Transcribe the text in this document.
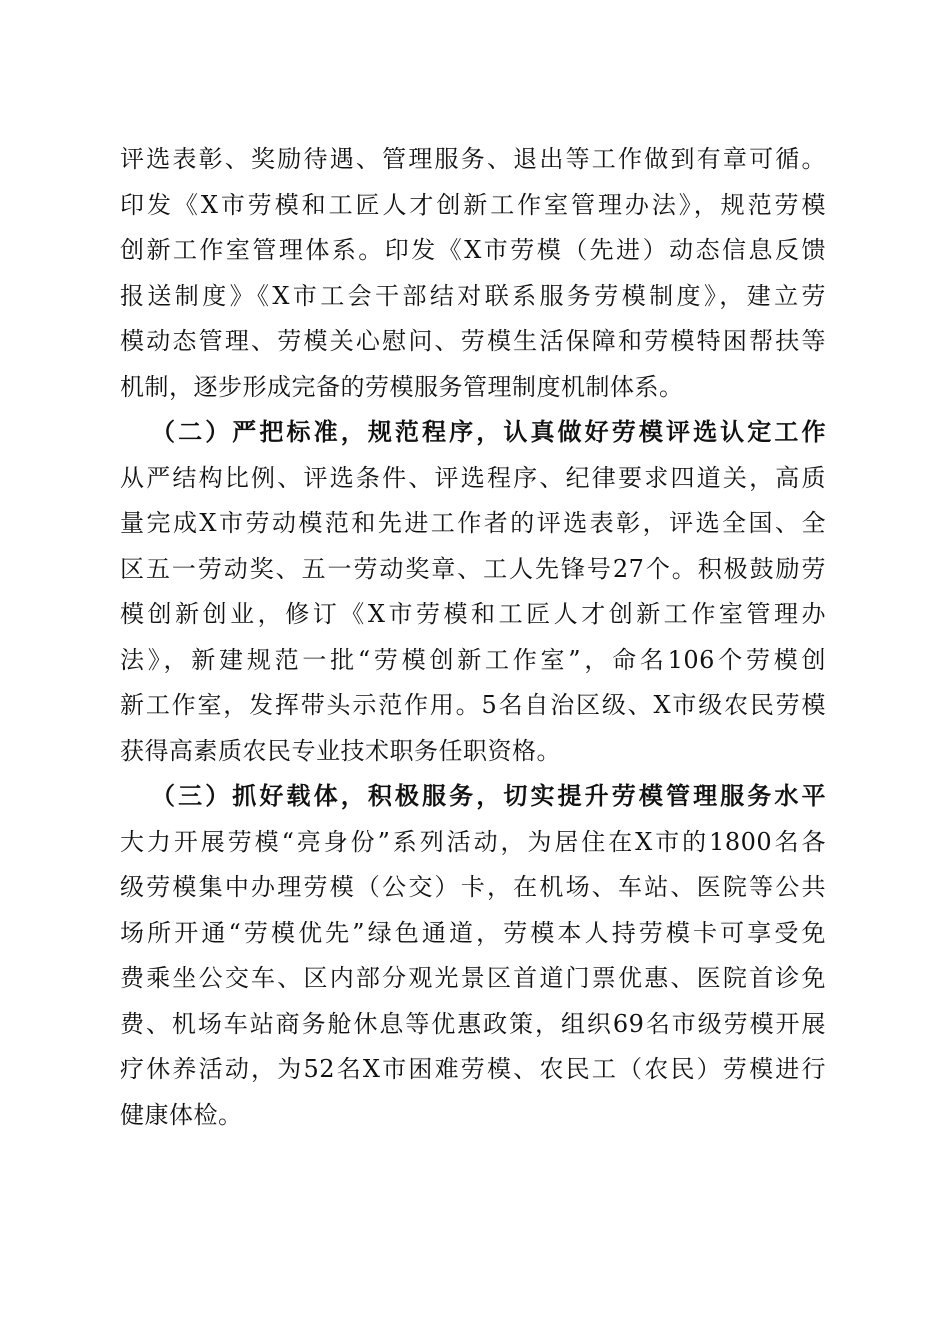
评选表彰、奖励待遇、管理服务、退出等工作做到有章可循。
印发《X市劳模和工匠人才创新工作室管理办法》，规范劳模
创新工作室管理体系。印发《X市劳模（先进）动态信息反馈
报送制度》《X市工会干部结对联系服务劳模制度》，建立劳
模动态管理、劳模关心慰问、劳模生活保障和劳模特困帮扶等
机制，逐步形成完备的劳模服务管理制度机制体系。
（二）严把标准，规范程序，认真做好劳模评选认定工作
从严结构比例、评选条件、评选程序、纪律要求四道关，高质
量完成X市劳动模范和先进工作者的评选表彰，评选全国、全
区五一劳动奖、五一劳动奖章、工人先锋号27个。积极鼓励劳
模创新创业，修订《X市劳模和工匠人才创新工作室管理办
法》，新建规范一批“劳模创新工作室”，命名106个劳模创
新工作室，发挥带头示范作用。5名自治区级、X市级农民劳模
获得高素质农民专业技术职务任职资格。
（三）抓好载体，积极服务，切实提升劳模管理服务水平
大力开展劳模“亮身份”系列活动，为居住在X市的1800名各
级劳模集中办理劳模（公交）卡，在机场、车站、医院等公共
场所开通“劳模优先”绿色通道，劳模本人持劳模卡可享受免
费乘坐公交车、区内部分观光景区首道门票优惠、医院首诊免
费、机场车站商务舱休息等优惠政策，组织69名市级劳模开展
疗休养活动，为52名X市困难劳模、农民工（农民）劳模进行
健康体检。
